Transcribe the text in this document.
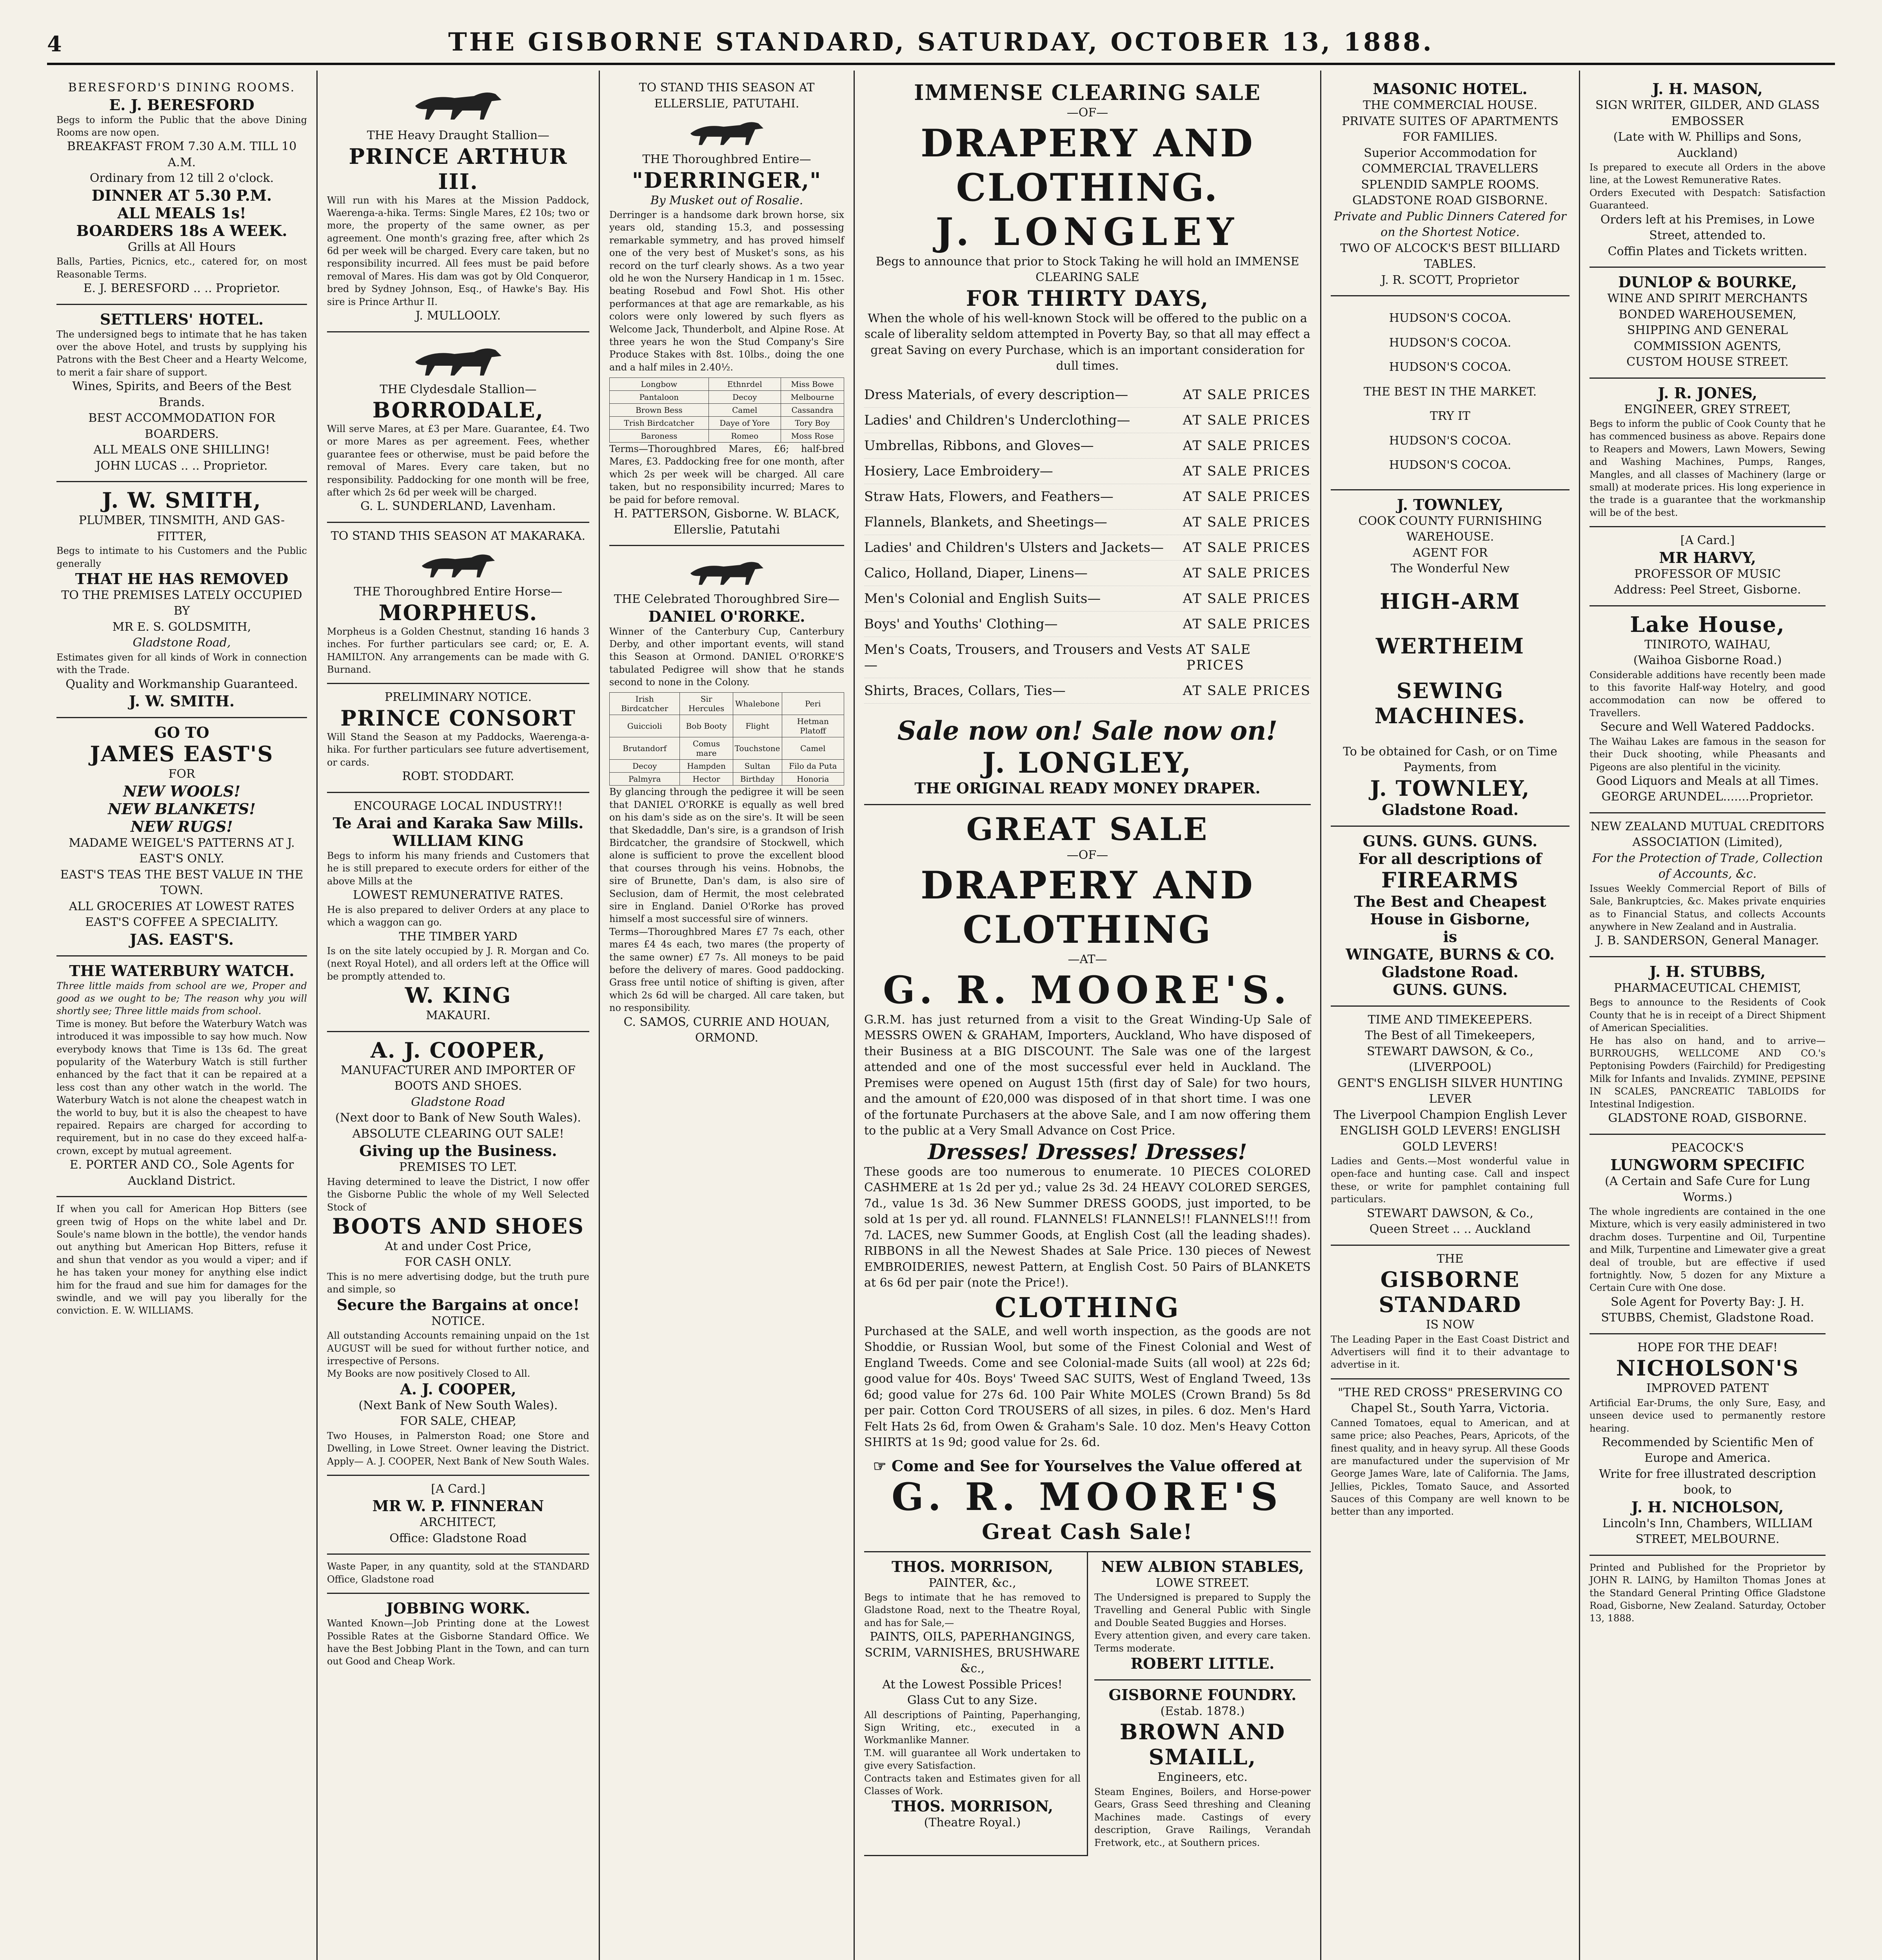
4	THE GISBORNE STANDARD, SATURDAY, OCTOBER 13, 1888.
BERESFORD'S DINING ROOMS.
E. J. BERESFORD
Begs to inform the Public that the above Dining Rooms are now open.
BREAKFAST FROM 7.30 A.M. TILL 10 A.M.
Ordinary from 12 till 2 o'clock.
DINNER AT 5.30 P.M.
ALL MEALS 1s!
BOARDERS 18s A WEEK.
Grills at All Hours
Balls, Parties, Picnics, etc., catered for, on most Reasonable Terms.
E. J. BERESFORD .. .. Proprietor.
SETTLERS' HOTEL.
The undersigned begs to intimate that he has taken over the above Hotel, and trusts by supplying his Patrons with the Best Cheer and a Hearty Welcome, to merit a fair share of support.
Wines, Spirits, and Beers of the Best Brands.
BEST ACCOMMODATION FOR BOARDERS.
ALL MEALS ONE SHILLING!
JOHN LUCAS .. .. Proprietor.
J. W. SMITH,
PLUMBER, TINSMITH, AND GAS-FITTER,
Begs to intimate to his Customers and the Public generally
THAT HE HAS REMOVED
TO THE PREMISES LATELY OCCUPIED BY
MR E. S. GOLDSMITH,
Gladstone Road,
Estimates given for all kinds of Work in connection with the Trade.
Quality and Workmanship Guaranteed.
J. W. SMITH.
GO TO
JAMES EAST'S
FOR
NEW WOOLS!
NEW BLANKETS!
NEW RUGS!
MADAME WEIGEL'S PATTERNS AT J. EAST'S ONLY.
EAST'S TEAS THE BEST VALUE IN THE TOWN.
ALL GROCERIES AT LOWEST RATES
EAST'S COFFEE A SPECIALITY.
JAS. EAST'S.
THE WATERBURY WATCH.
Three little maids from school are we, Proper and good as we ought to be; The reason why you will shortly see; Three little maids from school.
Time is money. But before the Waterbury Watch was introduced it was impossible to say how much. Now everybody knows that Time is 13s 6d. The great popularity of the Waterbury Watch is still further enhanced by the fact that it can be repaired at a less cost than any other watch in the world. The Waterbury Watch is not alone the cheapest watch in the world to buy, but it is also the cheapest to have repaired. Repairs are charged for according to requirement, but in no case do they exceed half-a-crown, except by mutual agreement.
E. PORTER AND CO., Sole Agents for Auckland District.
If when you call for American Hop Bitters (see green twig of Hops on the white label and Dr. Soule's name blown in the bottle), the vendor hands out anything but American Hop Bitters, refuse it and shun that vendor as you would a viper; and if he has taken your money for anything else indict him for the fraud and sue him for damages for the swindle, and we will pay you liberally for the conviction. E. W. WILLIAMS.
THE Heavy Draught Stallion—
PRINCE ARTHUR III.
Will run with his Mares at the Mission Paddock, Waerenga-a-hika. Terms: Single Mares, £2 10s; two or more, the property of the same owner, as per agreement. One month's grazing free, after which 2s 6d per week will be charged. Every care taken, but no responsibility incurred. All fees must be paid before removal of Mares. His dam was got by Old Conqueror, bred by Sydney Johnson, Esq., of Hawke's Bay. His sire is Prince Arthur II.
J. MULLOOLY.
THE Clydesdale Stallion—
BORRODALE,
Will serve Mares, at £3 per Mare. Guarantee, £4. Two or more Mares as per agreement. Fees, whether guarantee fees or otherwise, must be paid before the removal of Mares. Every care taken, but no responsibility. Paddocking for one month will be free, after which 2s 6d per week will be charged.
G. L. SUNDERLAND, Lavenham.
TO STAND THIS SEASON AT MAKARAKA.
THE Thoroughbred Entire Horse—
MORPHEUS.
Morpheus is a Golden Chestnut, standing 16 hands 3 inches. For further particulars see card; or, E. A. HAMILTON. Any arrangements can be made with G. Burnand.
PRELIMINARY NOTICE.
PRINCE CONSORT
Will Stand the Season at my Paddocks, Waerenga-a-hika. For further particulars see future advertisement, or cards.
ROBT. STODDART.
ENCOURAGE LOCAL INDUSTRY!!
Te Arai and Karaka Saw Mills.
WILLIAM KING
Begs to inform his many friends and Customers that he is still prepared to execute orders for either of the above Mills at the
LOWEST REMUNERATIVE RATES.
He is also prepared to deliver Orders at any place to which a waggon can go.
THE TIMBER YARD
Is on the site lately occupied by J. R. Morgan and Co. (next Royal Hotel), and all orders left at the Office will be promptly attended to.
W. KING
MAKAURI.
A. J. COOPER,
MANUFACTURER AND IMPORTER OF BOOTS AND SHOES.
Gladstone Road
(Next door to Bank of New South Wales).
ABSOLUTE CLEARING OUT SALE!
Giving up the Business.
PREMISES TO LET.
Having determined to leave the District, I now offer the Gisborne Public the whole of my Well Selected Stock of
BOOTS AND SHOES
At and under Cost Price,
FOR CASH ONLY.
This is no mere advertising dodge, but the truth pure and simple, so
Secure the Bargains at once!
NOTICE.
All outstanding Accounts remaining unpaid on the 1st AUGUST will be sued for without further notice, and irrespective of Persons.
My Books are now positively Closed to All.
A. J. COOPER,
(Next Bank of New South Wales).
FOR SALE, CHEAP,
Two Houses, in Palmerston Road; one Store and Dwelling, in Lowe Street. Owner leaving the District. Apply— A. J. COOPER, Next Bank of New South Wales.
[A Card.]
MR W. P. FINNERAN
ARCHITECT,
Office: Gladstone Road
Waste Paper, in any quantity, sold at the STANDARD Office, Gladstone road
JOBBING WORK.
Wanted Known—Job Printing done at the Lowest Possible Rates at the Gisborne Standard Office. We have the Best Jobbing Plant in the Town, and can turn out Good and Cheap Work.
TO STAND THIS SEASON AT ELLERSLIE, PATUTAHI.
THE Thoroughbred Entire—
"DERRINGER,"
By Musket out of Rosalie.
Derringer is a handsome dark brown horse, six years old, standing 15.3, and possessing remarkable symmetry, and has proved himself one of the very best of Musket's sons, as his record on the turf clearly shows. As a two year old he won the Nursery Handicap in 1 m. 15sec. beating Rosebud and Fowl Shot. His other performances at that age are remarkable, as his colors were only lowered by such flyers as Welcome Jack, Thunderbolt, and Alpine Rose. At three years he won the Stud Company's Sire Produce Stakes with 8st. 10lbs., doing the one and a half miles in 2.40½.
Longbow	Ethnrdel	Miss Bowe
Pantaloon	Decoy	Melbourne
Brown Bess	Camel	Cassandra
Trish Birdcatcher	Daye of Yore	Tory Boy
Baroness	Romeo	Moss Rose
Terms—Thoroughbred Mares, £6; half-bred Mares, £3. Paddocking free for one month, after which 2s per week will be charged. All care taken, but no responsibility incurred; Mares to be paid for before removal.
H. PATTERSON, Gisborne. W. BLACK, Ellerslie, Patutahi
THE Celebrated Thoroughbred Sire—
DANIEL O'RORKE.
Winner of the Canterbury Cup, Canterbury Derby, and other important events, will stand this Season at Ormond. DANIEL O'RORKE'S tabulated Pedigree will show that he stands second to none in the Colony.
Irish Birdcatcher	Sir Hercules	Whalebone	Peri
Guiccioli	Bob Booty	Flight	Hetman Platoff
Brutandorf	Comus mare	Touchstone	Camel
Decoy	Hampden	Sultan	Filo da Puta
Palmyra	Hector	Birthday	Honoria
By glancing through the pedigree it will be seen that DANIEL O'RORKE is equally as well bred on his dam's side as on the sire's. It will be seen that Skedaddle, Dan's sire, is a grandson of Irish Birdcatcher, the grandsire of Stockwell, which alone is sufficient to prove the excellent blood that courses through his veins. Hobnobs, the sire of Brunette, Dan's dam, is also sire of Seclusion, dam of Hermit, the most celebrated sire in England. Daniel O'Rorke has proved himself a most successful sire of winners.
Terms—Thoroughbred Mares £7 7s each, other mares £4 4s each, two mares (the property of the same owner) £7 7s. All moneys to be paid before the delivery of mares. Good paddocking. Grass free until notice of shifting is given, after which 2s 6d will be charged. All care taken, but no responsibility.
C. SAMOS, CURRIE AND HOUAN, ORMOND.
IMMENSE CLEARING SALE
—OF—
DRAPERY AND CLOTHING.
J. LONGLEY
Begs to announce that prior to Stock Taking he will hold an IMMENSE CLEARING SALE
FOR THIRTY DAYS,
When the whole of his well-known Stock will be offered to the public on a scale of liberality seldom attempted in Poverty Bay, so that all may effect a great Saving on every Purchase, which is an important consideration for dull times.
Dress Materials, of every description—	AT SALE PRICES
Ladies' and Children's Underclothing—	AT SALE PRICES
Umbrellas, Ribbons, and Gloves—	AT SALE PRICES
Hosiery, Lace Embroidery—	AT SALE PRICES
Straw Hats, Flowers, and Feathers—	AT SALE PRICES
Flannels, Blankets, and Sheetings—	AT SALE PRICES
Ladies' and Children's Ulsters and Jackets— AT SALE PRICES
Calico, Holland, Diaper, Linens—	AT SALE PRICES
Men's Colonial and English Suits—	AT SALE PRICES
Boys' and Youths' Clothing—	AT SALE PRICES
Men's Coats, Trousers, and Trousers and Vests—
AT SALE PRICES
Shirts, Braces, Collars, Ties—	AT SALE PRICES
Sale now on! Sale now on!
J. LONGLEY,
THE ORIGINAL READY MONEY DRAPER.
GREAT SALE
—OF—
DRAPERY AND CLOTHING
—AT—
G. R. MOORE'S.
G.R.M. has just returned from a visit to the Great Winding-Up Sale of MESSRS OWEN & GRAHAM, Importers, Auckland, Who have disposed of their Business at a BIG DISCOUNT. The Sale was one of the largest attended and one of the most successful ever held in Auckland. The Premises were opened on August 15th (first day of Sale) for two hours, and the amount of £20,000 was disposed of in that short time. I was one of the fortunate Purchasers at the above Sale, and I am now offering them to the public at a Very Small Advance on Cost Price.
Dresses! Dresses! Dresses!
These goods are too numerous to enumerate. 10 PIECES COLORED CASHMERE at 1s 2d per yd.; value 2s 3d. 24 HEAVY COLORED SERGES, 7d., value 1s 3d. 36 New Summer DRESS GOODS, just imported, to be sold at 1s per yd. all round. FLANNELS! FLANNELS!! FLANNELS!!! from 7d. LACES, new Summer Goods, at English Cost (all the leading shades). RIBBONS in all the Newest Shades at Sale Price. 130 pieces of Newest EMBROIDERIES, newest Pattern, at English Cost. 50 Pairs of BLANKETS at 6s 6d per pair (note the Price!).
CLOTHING
Purchased at the SALE, and well worth inspection, as the goods are not Shoddie, or Russian Wool, but some of the Finest Colonial and West of England Tweeds. Come and see Colonial-made Suits (all wool) at 22s 6d; good value for 40s. Boys' Tweed SAC SUITS, West of England Tweed, 13s 6d; good value for 27s 6d. 100 Pair White MOLES (Crown Brand) 5s 8d per pair. Cotton Cord TROUSERS of all sizes, in piles. 6 doz. Men's Hard Felt Hats 2s 6d, from Owen & Graham's Sale. 10 doz. Men's Heavy Cotton SHIRTS at 1s 9d; good value for 2s. 6d.
☞ Come and See for Yourselves the Value offered at
G. R. MOORE'S
Great Cash Sale!
THOS. MORRISON,
PAINTER, &c.,
Begs to intimate that he has removed to Gladstone Road, next to the Theatre Royal, and has for Sale,—
PAINTS, OILS, PAPERHANGINGS, SCRIM, VARNISHES, BRUSHWARE &c.,
At the Lowest Possible Prices!
Glass Cut to any Size.
All descriptions of Painting, Paperhanging, Sign Writing, etc., executed in a Workmanlike Manner.
T.M. will guarantee all Work undertaken to give every Satisfaction.
Contracts taken and Estimates given for all Classes of Work.
THOS. MORRISON,
(Theatre Royal.)
NEW ALBION STABLES,
LOWE STREET.
The Undersigned is prepared to Supply the Travelling and General Public with Single and Double Seated Buggies and Horses.
Every attention given, and every care taken. Terms moderate.
ROBERT LITTLE.
GISBORNE FOUNDRY.
(Estab. 1878.)
BROWN AND SMAILL,
Engineers, etc.
Steam Engines, Boilers, and Horse-power Gears, Grass Seed threshing and Cleaning Machines made. Castings of every description, Grave Railings, Verandah Fretwork, etc., at Southern prices.
MASONIC HOTEL.
THE COMMERCIAL HOUSE.
PRIVATE SUITES OF APARTMENTS FOR FAMILIES.
Superior Accommodation for COMMERCIAL TRAVELLERS
SPLENDID SAMPLE ROOMS.
GLADSTONE ROAD GISBORNE.
Private and Public Dinners Catered for on the Shortest Notice.
TWO OF ALCOCK'S BEST BILLIARD TABLES.
J. R. SCOTT, Proprietor
HUDSON'S COCOA.
HUDSON'S COCOA.
HUDSON'S COCOA.
THE BEST IN THE MARKET.
TRY IT
HUDSON'S COCOA.
HUDSON'S COCOA.
J. TOWNLEY,
COOK COUNTY FURNISHING WAREHOUSE.
AGENT FOR
The Wonderful New
HIGH-ARM
WERTHEIM
SEWING MACHINES.
To be obtained for Cash, or on Time Payments, from
J. TOWNLEY,
Gladstone Road.
GUNS. GUNS. GUNS.
For all descriptions of
FIREARMS
The Best and Cheapest House in Gisborne,
is
WINGATE, BURNS & CO.
Gladstone Road.
GUNS. GUNS.
TIME AND TIMEKEEPERS.
The Best of all Timekeepers,
STEWART DAWSON, & Co.,
(LIVERPOOL)
GENT'S ENGLISH SILVER HUNTING LEVER
The Liverpool Champion English Lever
ENGLISH GOLD LEVERS! ENGLISH GOLD LEVERS!
Ladies and Gents.—Most wonderful value in open-face and hunting case. Call and inspect these, or write for pamphlet containing full particulars.
STEWART DAWSON, & Co.,
Queen Street .. .. Auckland
THE
GISBORNE STANDARD
IS NOW
The Leading Paper in the East Coast District and Advertisers will find it to their advantage to advertise in it.
"THE RED CROSS" PRESERVING CO
Chapel St., South Yarra, Victoria.
Canned Tomatoes, equal to American, and at same price; also Peaches, Pears, Apricots, of the finest quality, and in heavy syrup. All these Goods are manufactured under the supervision of Mr George James Ware, late of California. The Jams, Jellies, Pickles, Tomato Sauce, and Assorted Sauces of this Company are well known to be better than any imported.
J. H. MASON,
SIGN WRITER, GILDER, AND GLASS EMBOSSER
(Late with W. Phillips and Sons, Auckland)
Is prepared to execute all Orders in the above line, at the Lowest Remunerative Rates.
Orders Executed with Despatch: Satisfaction Guaranteed.
Orders left at his Premises, in Lowe Street, attended to.
Coffin Plates and Tickets written.
DUNLOP & BOURKE,
WINE AND SPIRIT MERCHANTS
BONDED WAREHOUSEMEN,
SHIPPING AND GENERAL COMMISSION AGENTS,
CUSTOM HOUSE STREET.
J. R. JONES,
ENGINEER, GREY STREET,
Begs to inform the public of Cook County that he has commenced business as above. Repairs done to Reapers and Mowers, Lawn Mowers, Sewing and Washing Machines, Pumps, Ranges, Mangles, and all classes of Machinery (large or small) at moderate prices. His long experience in the trade is a guarantee that the workmanship will be of the best.
[A Card.]
MR HARVY,
PROFESSOR OF MUSIC
Address: Peel Street, Gisborne.
Lake House,
TINIROTO, WAIHAU,
(Waihoa Gisborne Road.)
Considerable additions have recently been made to this favorite Half-way Hotelry, and good accommodation can now be offered to Travellers.
Secure and Well Watered Paddocks.
The Waihau Lakes are famous in the season for their Duck shooting, while Pheasants and Pigeons are also plentiful in the vicinity.
Good Liquors and Meals at all Times.
GEORGE ARUNDEL.......Proprietor.
NEW ZEALAND MUTUAL CREDITORS ASSOCIATION (Limited),
For the Protection of Trade, Collection of Accounts, &c.
Issues Weekly Commercial Report of Bills of Sale, Bankruptcies, &c. Makes private enquiries as to Financial Status, and collects Accounts anywhere in New Zealand and in Australia.
J. B. SANDERSON, General Manager.
J. H. STUBBS,
PHARMACEUTICAL CHEMIST,
Begs to announce to the Residents of Cook County that he is in receipt of a Direct Shipment of American Specialities.
He has also on hand, and to arrive— BURROUGHS, WELLCOME AND CO.'s Peptonising Powders (Fairchild) for Predigesting Milk for Infants and Invalids. ZYMINE, PEPSINE IN SCALES, PANCREATIC TABLOIDS for Intestinal Indigestion.
GLADSTONE ROAD, GISBORNE.
PEACOCK'S
LUNGWORM SPECIFIC
(A Certain and Safe Cure for Lung Worms.)
The whole ingredients are contained in the one Mixture, which is very easily administered in two drachm doses. Turpentine and Oil, Turpentine and Milk, Turpentine and Limewater give a great deal of trouble, but are effective if used fortnightly. Now, 5 dozen for any Mixture a Certain Cure with One dose.
Sole Agent for Poverty Bay: J. H. STUBBS, Chemist, Gladstone Road.
HOPE FOR THE DEAF!
NICHOLSON'S
IMPROVED PATENT
Artificial Ear-Drums, the only Sure, Easy, and unseen device used to permanently restore hearing.
Recommended by Scientific Men of Europe and America.
Write for free illustrated description book, to
J. H. NICHOLSON,
Lincoln's Inn, Chambers, WILLIAM STREET, MELBOURNE.
Printed and Published for the Proprietor by JOHN R. LAING, by Hamilton Thomas Jones at the Standard General Printing Office Gladstone Road, Gisborne, New Zealand. Saturday, October 13, 1888.
